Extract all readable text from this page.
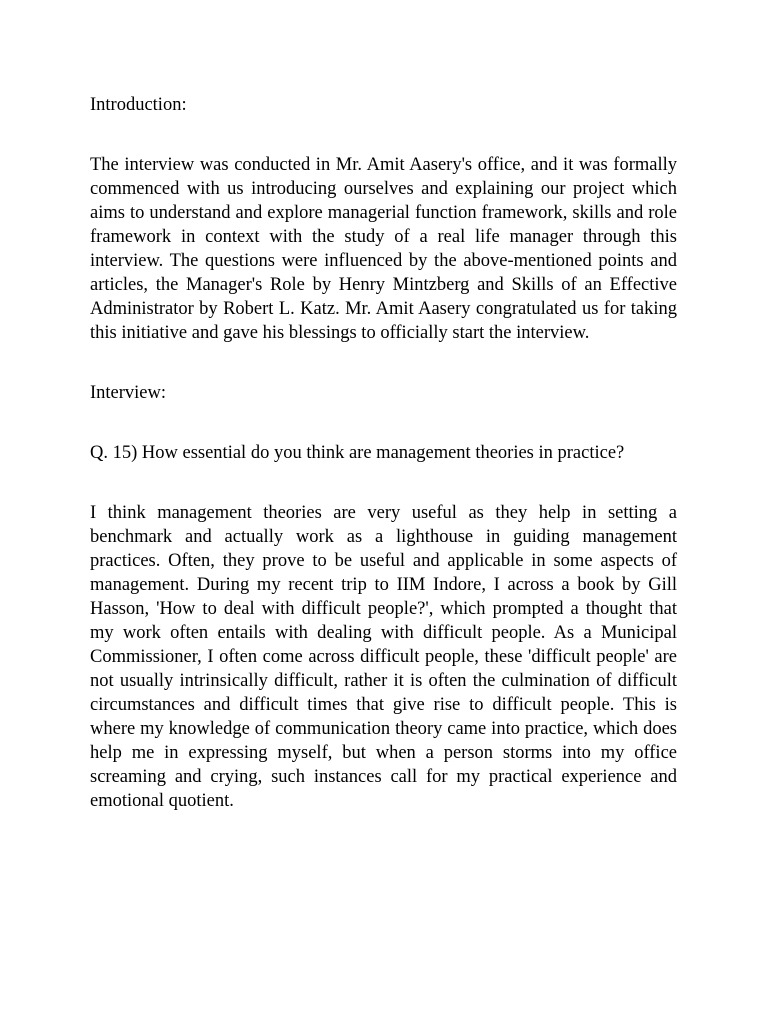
Introduction:

The interview was conducted in Mr. Amit Aasery's office, and it was formally commenced with us introducing ourselves and explaining our project which aims to understand and explore managerial function framework, skills and role framework in context with the study of a real life manager through this interview. The questions were influenced by the above-mentioned points and articles, the Manager's Role by Henry Mintzberg and Skills of an Effective Administrator by Robert L. Katz. Mr. Amit Aasery congratulated us for taking this initiative and gave his blessings to officially start the interview.

Interview:

Q. 15) How essential do you think are management theories in practice?

I think management theories are very useful as they help in setting a benchmark and actually work as a lighthouse in guiding management practices. Often, they prove to be useful and applicable in some aspects of management. During my recent trip to IIM Indore, I across a book by Gill Hasson, 'How to deal with difficult people?', which prompted a thought that my work often entails with dealing with difficult people. As a Municipal Commissioner, I often come across difficult people, these 'difficult people' are not usually intrinsically difficult, rather it is often the culmination of difficult circumstances and difficult times that give rise to difficult people. This is where my knowledge of communication theory came into practice, which does help me in expressing myself, but when a person storms into my office screaming and crying, such instances call for my practical experience and emotional quotient.
